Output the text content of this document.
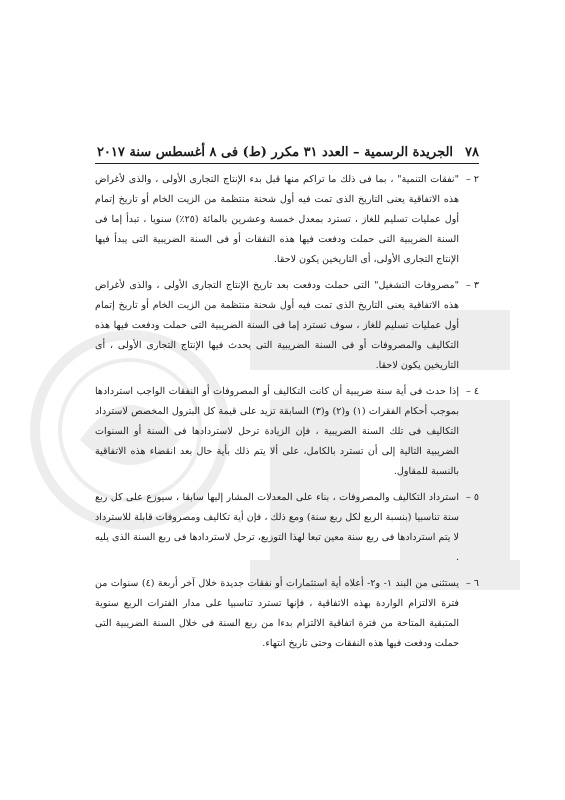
٧٨
الجريدة الرسمية – العدد ٣١ مكرر (ط) فى ٨ أغسطس سنة ٢٠١٧
٢ –
"نفقات التنمية" ، بما فى ذلك ما تراكم منها قبل بدء الإنتاج التجارى الأولى ، والذى لأغراض هذه الاتفاقية يعنى التاريخ الذى تمت فيه أول شحنة منتظمة من الزيت الخام أو تاريخ إتمام أول عمليات تسليم للغاز ، تسترد بمعدل خمسة وعشرين بالمائة (٢٥٪) سنويا ، تبدأ إما فى السنة الضريبية التى حملت ودفعت فيها هذه النفقات أو فى السنة الضريبية التى يبدأ فيها الإنتاج التجارى الأولى، أى التاريخين يكون لاحقا.
٣ –
"مصروفات التشغيل" التى حملت ودفعت بعد تاريخ الإنتاج التجارى الأولى ، والذى لأغراض هذه الاتفاقية يعنى التاريخ الذى تمت فيه أول شحنة منتظمة من الزيت الخام أو تاريخ إتمام أول عمليات تسليم للغاز ، سوف تسترد إما فى السنة الضريبية التى حملت ودفعت فيها هذه التكاليف والمصروفات أو فى السنة الضريبية التى يحدث فيها الإنتاج التجارى الأولى ، أى التاريخين يكون لاحقا.
٤ –
إذا حدث فى أية سنة ضريبية أن كانت التكاليف أو المصروفات أو النفقات الواجب استردادها بموجب أحكام الفقرات (١) و(٢) و(٣) السابقة تزيد على قيمة كل البترول المخصص لاسترداد التكاليف فى تلك السنة الضريبية ، فإن الزيادة ترحل لاستردادها فى السنة أو السنوات الضريبية التالية إلى أن تسترد بالكامل، على ألا يتم ذلك بأية حال بعد انقضاء هذه الاتفاقية بالنسبة للمقاول.
٥ –
استرداد التكاليف والمصروفات ، بناء على المعدلات المشار إليها سابقا ، سيوزع على كل ربع سنة تناسبيا (بنسبة الربع لكل ربع سنة) ومع ذلك ، فإن أية تكاليف ومصروفات قابلة للاسترداد لا يتم استردادها فى ربع سنة معين تبعا لهذا التوزيع، ترحل لاستردادها فى ربع السنة الذى يليه .
٦ –
يستثنى من البند ١- و٢- أعلاه أية استثمارات أو نفقات جديدة خلال آخر أربعة (٤) سنوات من فترة الالتزام الواردة بهذه الاتفاقية ، فإنها تسترد تناسبيا على مدار الفترات الربع سنوية المتبقية المتاحة من فترة اتفاقية الالتزام بدءا من ربع السنة فى خلال السنة الضريبية التى حملت ودفعت فيها هذه النفقات وحتى تاريخ انتهاء.
